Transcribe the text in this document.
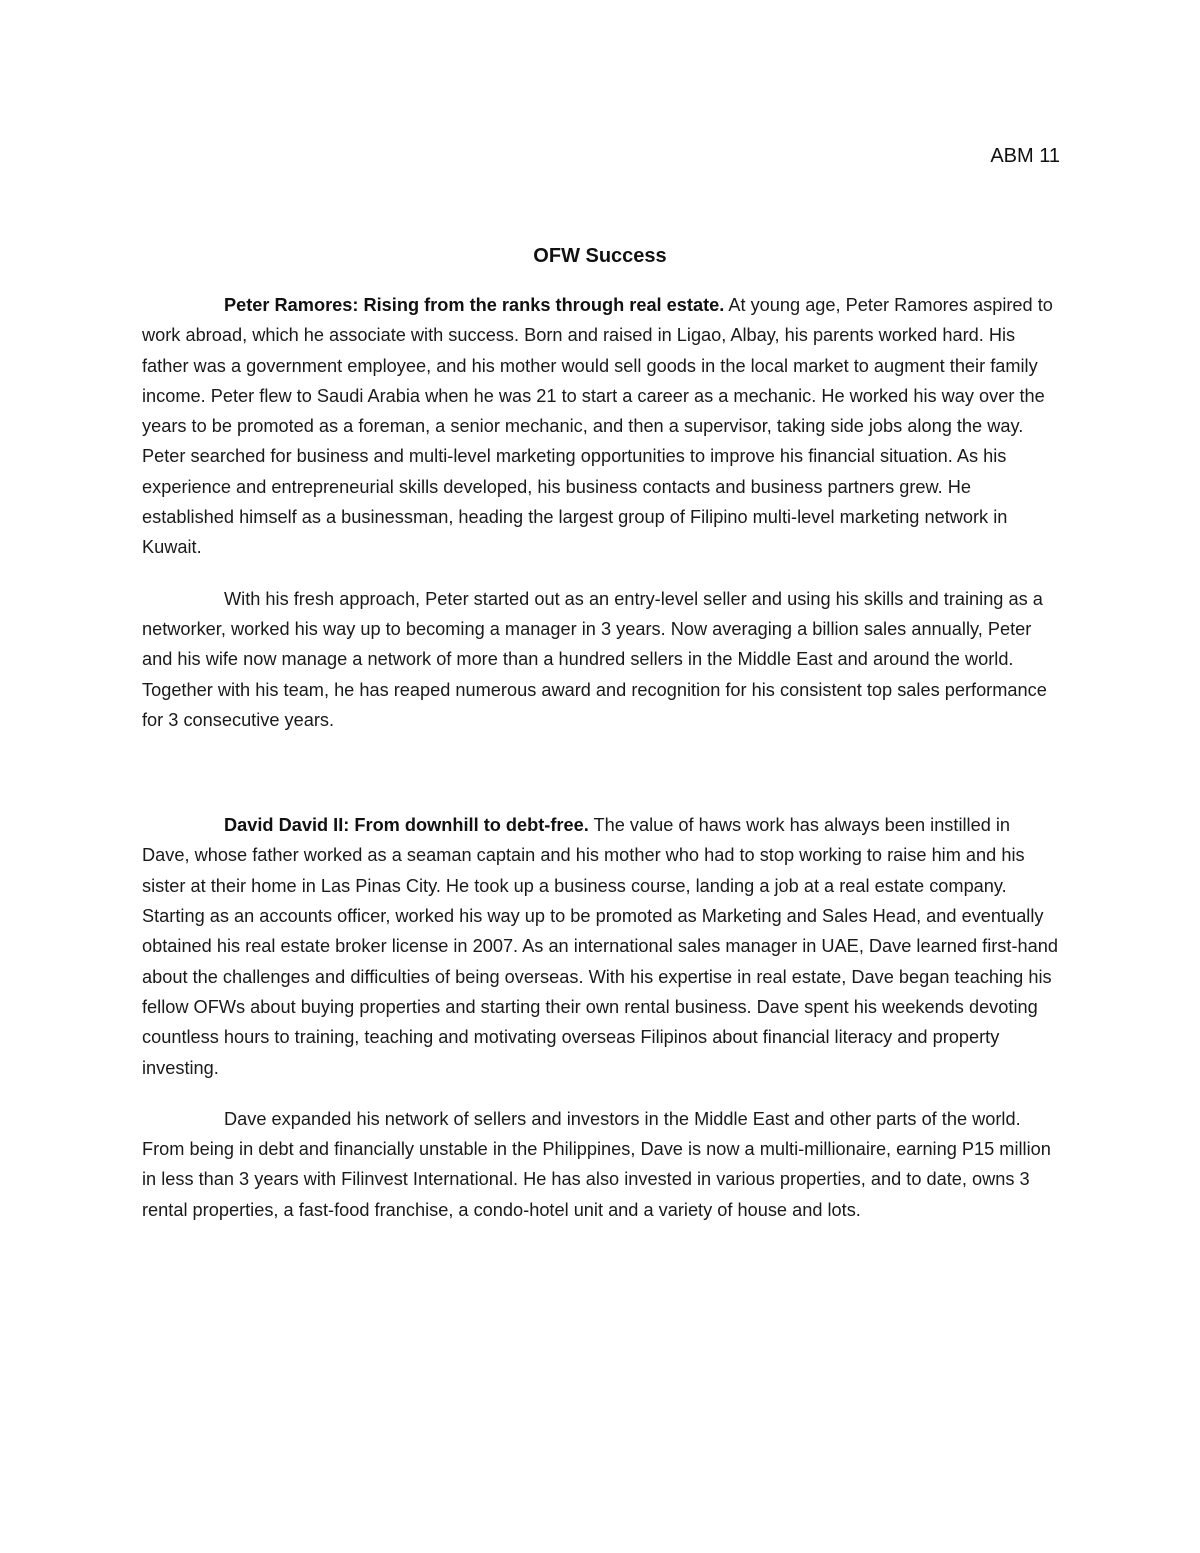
ABM 11
OFW Success

Peter Ramores: Rising from the ranks through real estate. At young age, Peter Ramores aspired to work abroad, which he associate with success. Born and raised in Ligao, Albay, his parents worked hard. His father was a government employee, and his mother would sell goods in the local market to augment their family income. Peter flew to Saudi Arabia when he was 21 to start a career as a mechanic. He worked his way over the years to be promoted as a foreman, a senior mechanic, and then a supervisor, taking side jobs along the way. Peter searched for business and multi-level marketing opportunities to improve his financial situation. As his experience and entrepreneurial skills developed, his business contacts and business partners grew. He established himself as a businessman, heading the largest group of Filipino multi-level marketing network in Kuwait.

With his fresh approach, Peter started out as an entry-level seller and using his skills and training as a networker, worked his way up to becoming a manager in 3 years. Now averaging a billion sales annually, Peter and his wife now manage a network of more than a hundred sellers in the Middle East and around the world. Together with his team, he has reaped numerous award and recognition for his consistent top sales performance for 3 consecutive years.

David David II: From downhill to debt-free. The value of haws work has always been instilled in Dave, whose father worked as a seaman captain and his mother who had to stop working to raise him and his sister at their home in Las Pinas City. He took up a business course, landing a job at a real estate company. Starting as an accounts officer, worked his way up to be promoted as Marketing and Sales Head, and eventually obtained his real estate broker license in 2007. As an international sales manager in UAE, Dave learned first-hand about the challenges and difficulties of being overseas. With his expertise in real estate, Dave began teaching his fellow OFWs about buying properties and starting their own rental business. Dave spent his weekends devoting countless hours to training, teaching and motivating overseas Filipinos about financial literacy and property investing.

Dave expanded his network of sellers and investors in the Middle East and other parts of the world. From being in debt and financially unstable in the Philippines, Dave is now a multi-millionaire, earning P15 million in less than 3 years with Filinvest International. He has also invested in various properties, and to date, owns 3 rental properties, a fast-food franchise, a condo-hotel unit and a variety of house and lots.
